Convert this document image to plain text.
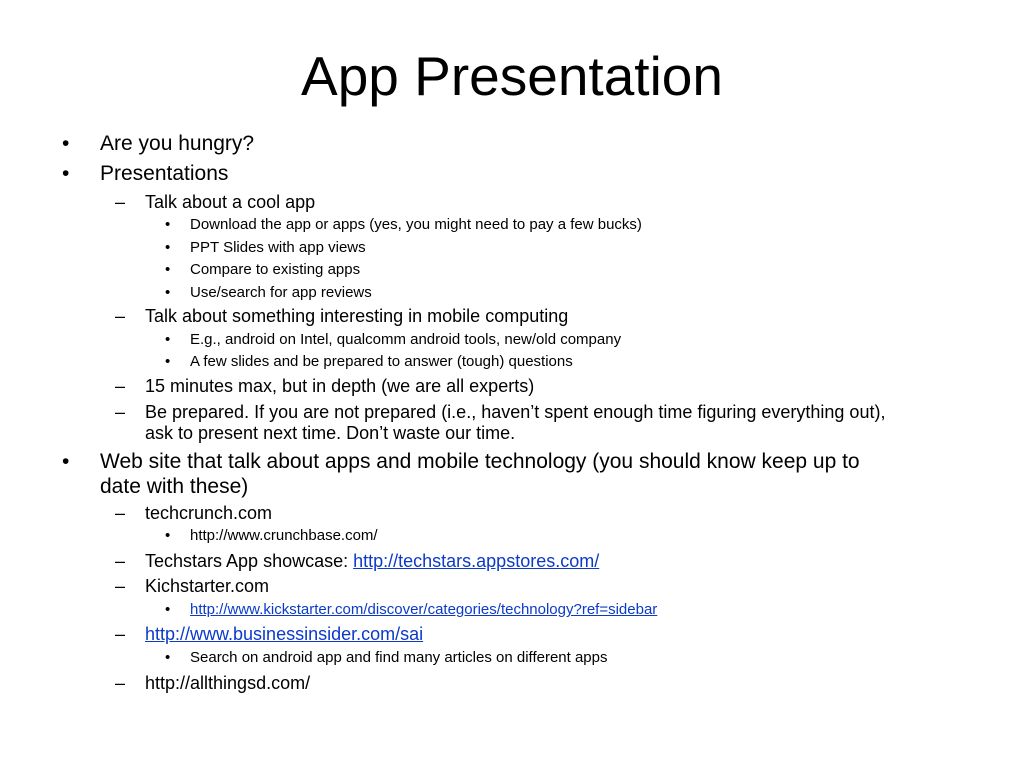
App Presentation
• Are you hungry?
• Presentations
– Talk about a cool app
• Download the app or apps (yes, you might need to pay a few bucks)
• PPT Slides with app views
• Compare to existing apps
• Use/search for app reviews
– Talk about something interesting in mobile computing
• E.g., android on Intel, qualcomm android tools, new/old company
• A few slides and be prepared to answer (tough) questions
– 15 minutes max, but in depth (we are all experts)
– Be prepared. If you are not prepared (i.e., haven’t spent enough time figuring everything out),
ask to present next time. Don’t waste our time.
• Web site that talk about apps and mobile technology (you should know keep up to
date with these)
– techcrunch.com
• http://www.crunchbase.com/
– Techstars App showcase: http://techstars.appstores.com/
– Kichstarter.com
• http://www.kickstarter.com/discover/categories/technology?ref=sidebar
– http://www.businessinsider.com/sai
• Search on android app and find many articles on different apps
– http://allthingsd.com/
